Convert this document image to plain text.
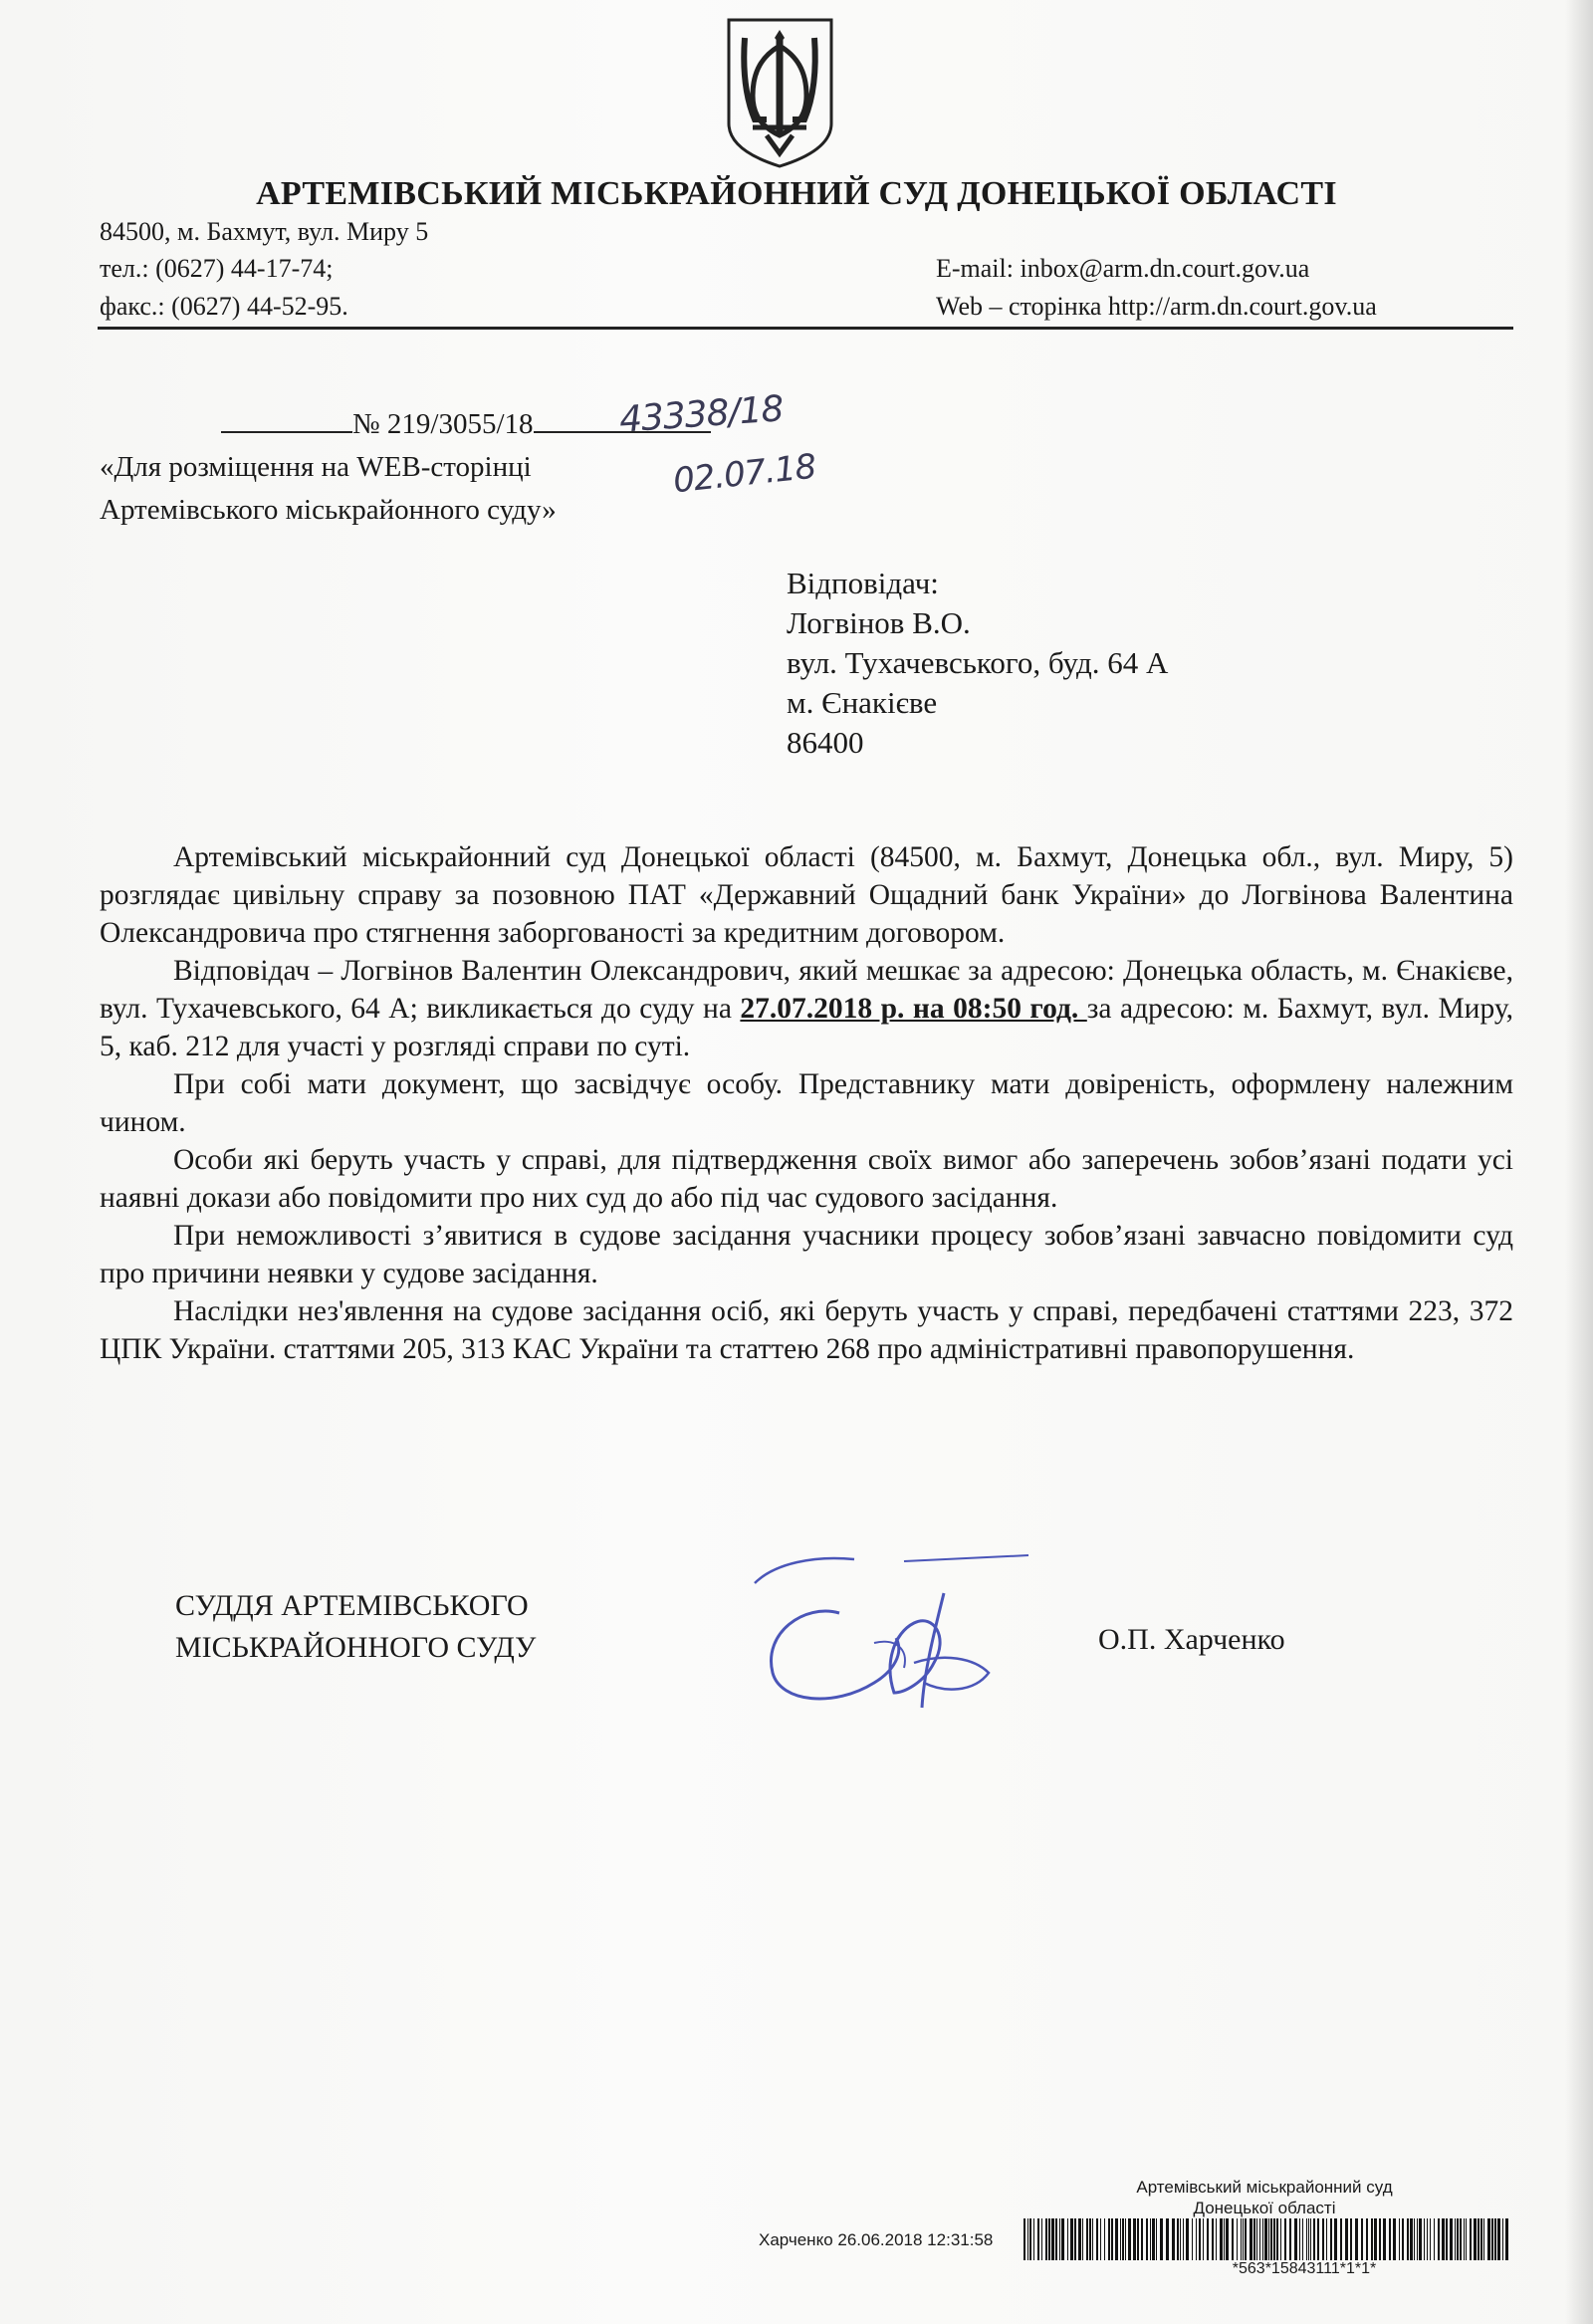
АРТЕМІВСЬКИЙ МІСЬКРАЙОННИЙ СУД ДОНЕЦЬКОЇ ОБЛАСТІ
84500, м. Бахмут, вул. Миру 5
тел.: (0627) 44-17-74;
факс.: (0627) 44-52-95.
E-mail: inbox@arm.dn.court.gov.ua
Web – сторінка http://arm.dn.court.gov.ua
№ 219/3055/18	43338/18
02.07.18
«Для розміщення на WEB-сторінці
Артемівського міськрайонного суду»
Відповідач:
Логвінов В.О.
вул. Тухачевського, буд. 64 А
м. Єнакієве
86400

Артемівський міськрайонний суд Донецької області (84500, м. Бахмут, Донецька обл., вул. Миру, 5) розглядає цивільну справу за позовною ПАТ «Державний Ощадний банк України» до Логвінова Валентина Олександровича про стягнення заборгованості за кредитним договором.

Відповідач – Логвінов Валентин Олександрович, який мешкає за адресою: Донецька область, м. Єнакієве, вул. Тухачевського, 64 А; викликається до суду на 27.07.2018 р. на 08:50 год. за адресою: м. Бахмут, вул. Миру, 5, каб. 212 для участі у розгляді справи по суті.

При собі мати документ, що засвідчує особу. Представнику мати довіреність, оформлену належним чином.

Особи які беруть участь у справі, для підтвердження своїх вимог або заперечень зобов’язані подати усі наявні докази або повідомити про них суд до або під час судового засідання.

При неможливості з’явитися в судове засідання учасники процесу зобов’язані завчасно повідомити суд про причини неявки у судове засідання.

Наслідки нез'явлення на судове засідання осіб, які беруть участь у справі, передбачені статтями 223, 372 ЦПК України. статтями 205, 313 КАС України та статтею 268 про адміністративні правопорушення.

СУДДЯ АРТЕМІВСЬКОГО
МІСЬКРАЙОННОГО СУДУ	О.П. Харченко
Артемівський міськрайонний суд
Донецької області
Харченко 26.06.2018 12:31:58
*563*15843111*1*1*
